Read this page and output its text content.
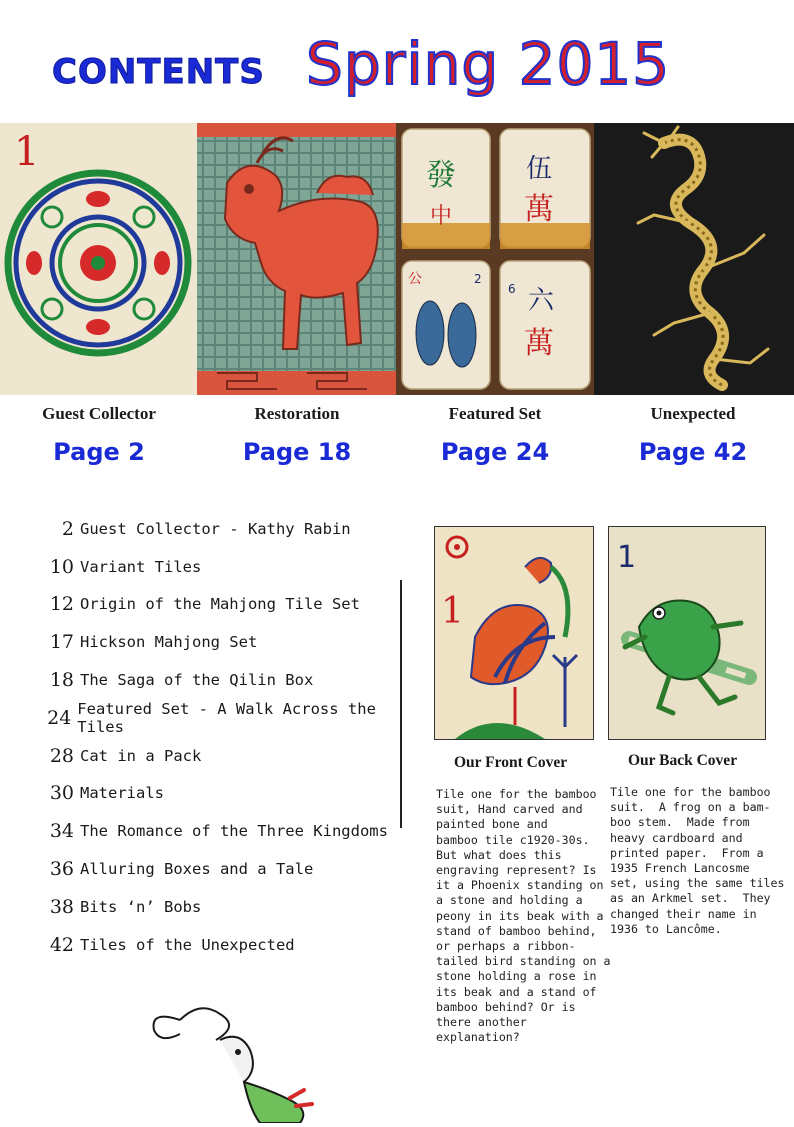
CONTENTS Spring 2015
1
發
中
伍
萬
公	2
6 六
萬
Guest Collector	Restoration	Featured Set	Unexpected
Page 2	Page 18	Page 24	Page 42
2 Guest Collector - Kathy Rabin
10 Variant Tiles
12 Origin of the Mahjong Tile Set
17 Hickson Mahjong Set
18 The Saga of the Qilin Box
24 Featured Set - A Walk Across the Tiles
28 Cat in a Pack
30 Materials
34 The Romance of the Three Kingdoms
36 Alluring Boxes and a Tale
38 Bits ‘n’ Bobs
42 Tiles of the Unexpected
1
1
Our Front Cover	Our Back Cover
Tile one for the bamboo
suit, Hand carved and
painted bone and
bamboo tile c1920-30s.
But what does this
engraving represent? Is
it a Phoenix standing on
a stone and holding a
peony in its beak with a
stand of bamboo behind,
or perhaps a ribbon-
tailed bird standing on a
stone holding a rose in
its beak and a stand of
bamboo behind? Or is
there another
explanation?
Tile one for the bamboo
suit.  A frog on a bam-
boo stem.  Made from
heavy cardboard and
printed paper.  From a
1935 French Lancosme
set, using the same tiles
as an Arkmel set.  They
changed their name in
1936 to Lancôme.
